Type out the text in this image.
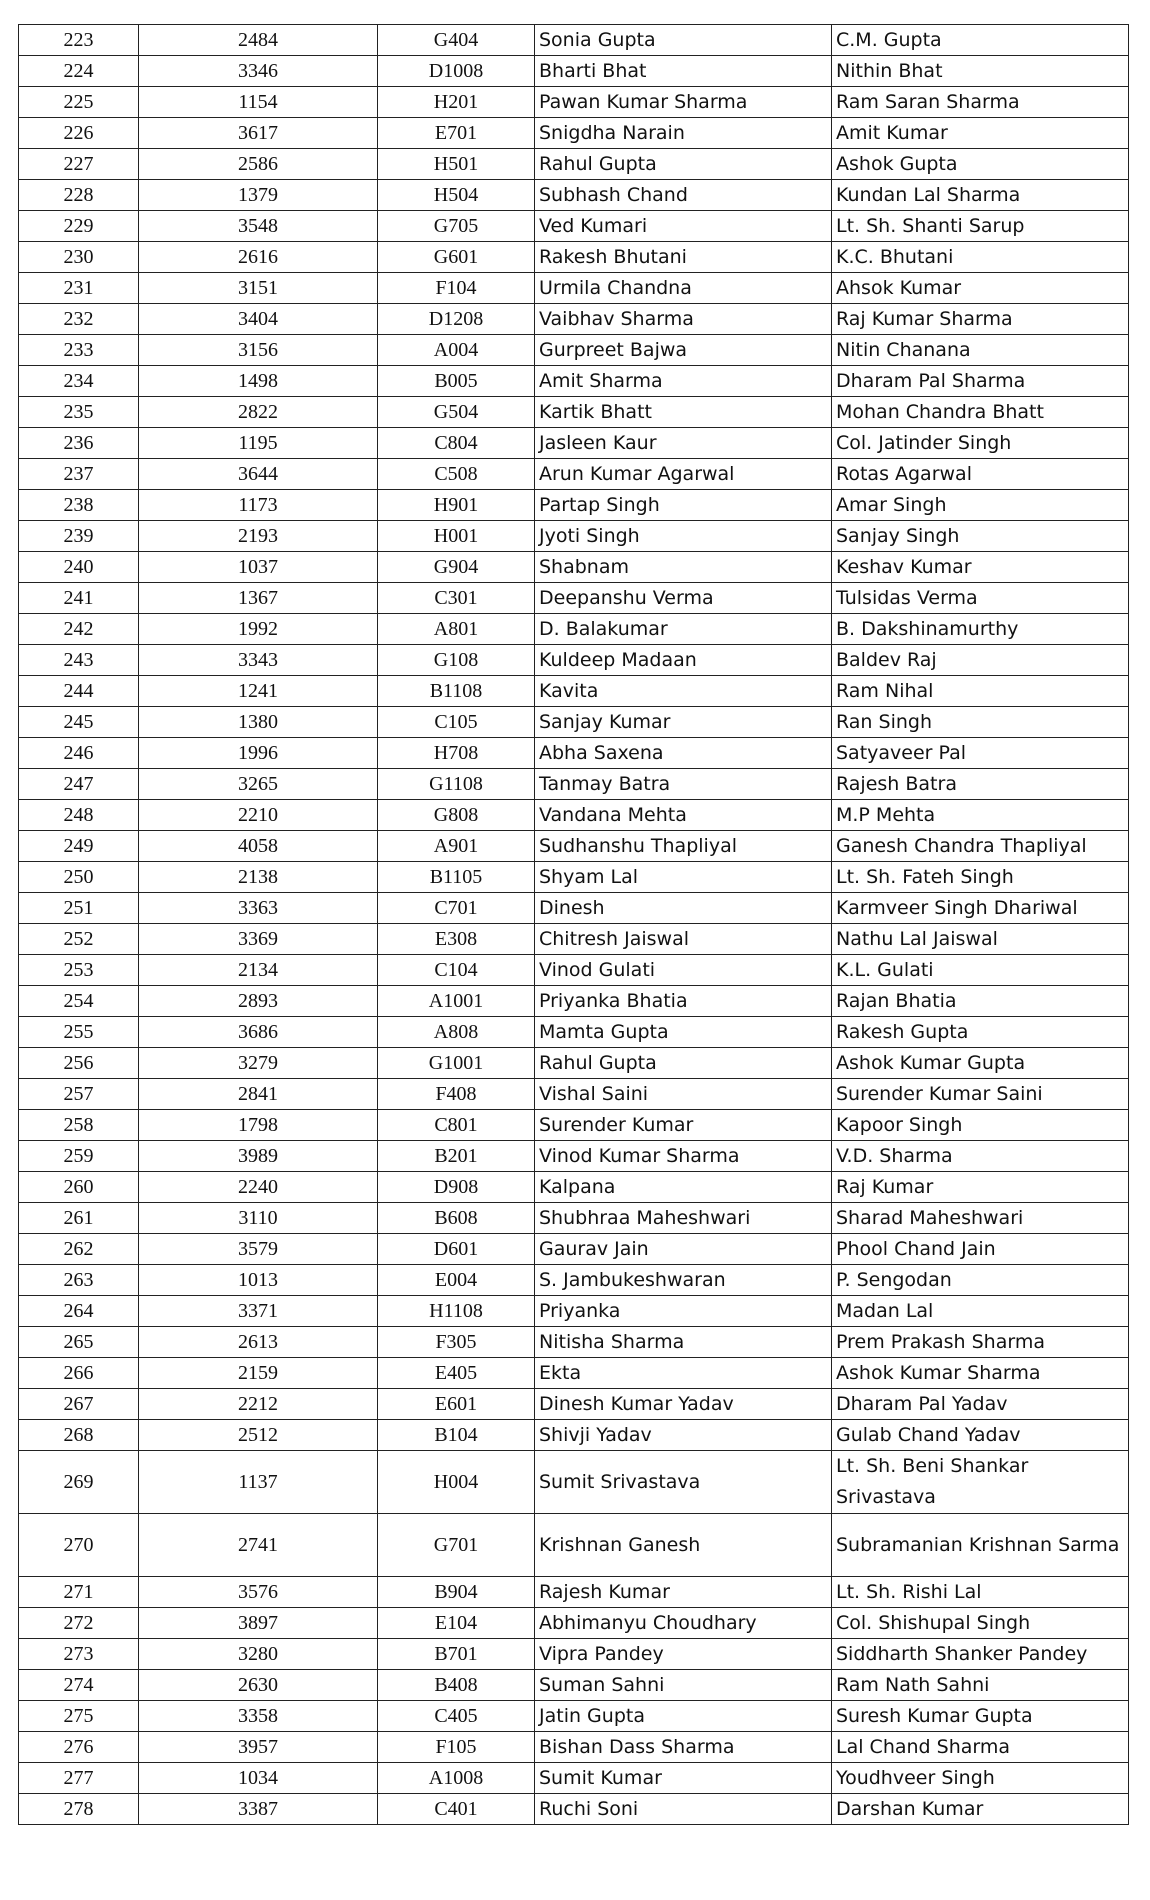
223	2484	G404	Sonia Gupta	C.M. Gupta
224	3346	D1008	Bharti Bhat	Nithin Bhat
225	1154	H201	Pawan Kumar Sharma	Ram Saran Sharma
226	3617	E701	Snigdha Narain	Amit Kumar
227	2586	H501	Rahul Gupta	Ashok Gupta
228	1379	H504	Subhash Chand	Kundan Lal Sharma
229	3548	G705	Ved Kumari	Lt. Sh. Shanti Sarup
230	2616	G601	Rakesh Bhutani	K.C. Bhutani
231	3151	F104	Urmila Chandna	Ahsok Kumar
232	3404	D1208	Vaibhav Sharma	Raj Kumar Sharma
233	3156	A004	Gurpreet Bajwa	Nitin Chanana
234	1498	B005	Amit Sharma	Dharam Pal Sharma
235	2822	G504	Kartik Bhatt	Mohan Chandra Bhatt
236	1195	C804	Jasleen Kaur	Col. Jatinder Singh
237	3644	C508	Arun Kumar Agarwal	Rotas Agarwal
238	1173	H901	Partap Singh	Amar Singh
239	2193	H001	Jyoti Singh	Sanjay Singh
240	1037	G904	Shabnam	Keshav Kumar
241	1367	C301	Deepanshu Verma	Tulsidas Verma
242	1992	A801	D. Balakumar	B. Dakshinamurthy
243	3343	G108	Kuldeep Madaan	Baldev Raj
244	1241	B1108	Kavita	Ram Nihal
245	1380	C105	Sanjay Kumar	Ran Singh
246	1996	H708	Abha Saxena	Satyaveer Pal
247	3265	G1108	Tanmay Batra	Rajesh Batra
248	2210	G808	Vandana Mehta	M.P Mehta
249	4058	A901	Sudhanshu Thapliyal	Ganesh Chandra Thapliyal
250	2138	B1105	Shyam Lal	Lt. Sh. Fateh Singh
251	3363	C701	Dinesh	Karmveer Singh Dhariwal
252	3369	E308	Chitresh Jaiswal	Nathu Lal Jaiswal
253	2134	C104	Vinod Gulati	K.L. Gulati
254	2893	A1001	Priyanka Bhatia	Rajan Bhatia
255	3686	A808	Mamta Gupta	Rakesh Gupta
256	3279	G1001	Rahul Gupta	Ashok Kumar Gupta
257	2841	F408	Vishal Saini	Surender Kumar Saini
258	1798	C801	Surender Kumar	Kapoor Singh
259	3989	B201	Vinod Kumar Sharma	V.D. Sharma
260	2240	D908	Kalpana	Raj Kumar
261	3110	B608	Shubhraa Maheshwari	Sharad Maheshwari
262	3579	D601	Gaurav Jain	Phool Chand Jain
263	1013	E004	S. Jambukeshwaran	P. Sengodan
264	3371	H1108	Priyanka	Madan Lal
265	2613	F305	Nitisha Sharma	Prem Prakash Sharma
266	2159	E405	Ekta	Ashok Kumar Sharma
267	2212	E601	Dinesh Kumar Yadav	Dharam Pal Yadav
268	2512	B104	Shivji Yadav	Gulab Chand Yadav
269	1137	H004	Sumit Srivastava	Lt. Sh. Beni Shankar Srivastava
270	2741	G701	Krishnan Ganesh	Subramanian Krishnan Sarma
271	3576	B904	Rajesh Kumar	Lt. Sh. Rishi Lal
272	3897	E104	Abhimanyu Choudhary	Col. Shishupal Singh
273	3280	B701	Vipra Pandey	Siddharth Shanker Pandey
274	2630	B408	Suman Sahni	Ram Nath Sahni
275	3358	C405	Jatin Gupta	Suresh Kumar Gupta
276	3957	F105	Bishan Dass Sharma	Lal Chand Sharma
277	1034	A1008	Sumit Kumar	Youdhveer Singh
278	3387	C401	Ruchi Soni	Darshan Kumar
